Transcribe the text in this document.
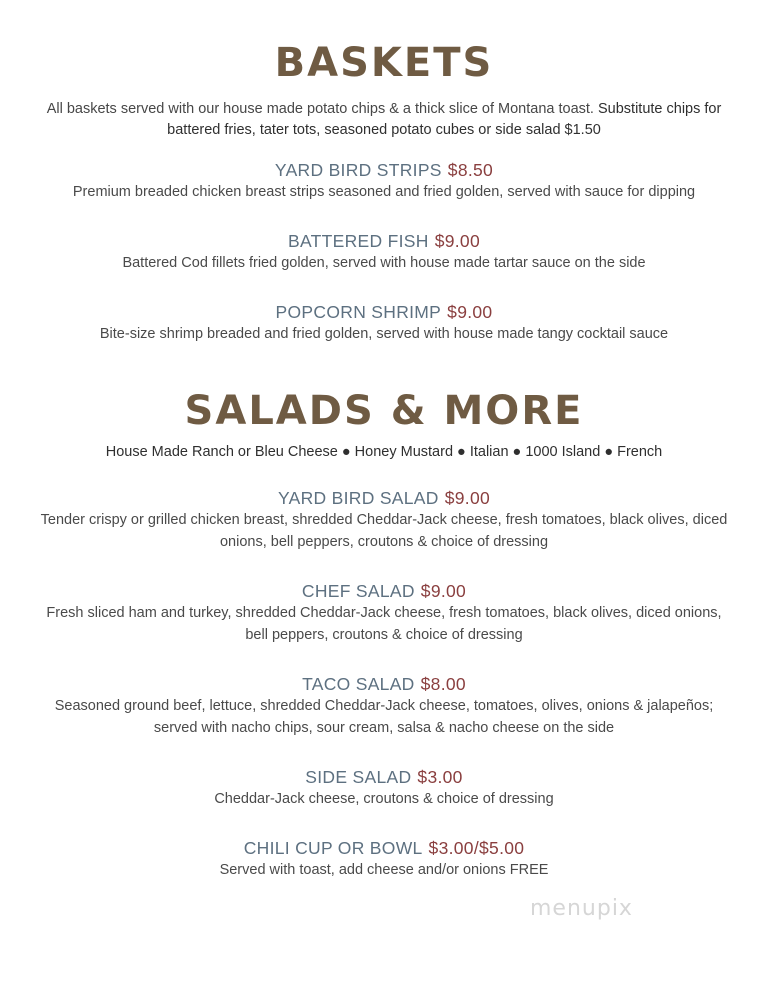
BASKETS
All baskets served with our house made potato chips & a thick slice of Montana toast. Substitute chips for battered fries, tater tots, seasoned potato cubes or side salad $1.50
YARD BIRD STRIPS $8.50
Premium breaded chicken breast strips seasoned and fried golden, served with sauce for dipping
BATTERED FISH $9.00
Battered Cod fillets fried golden, served with house made tartar sauce on the side
POPCORN SHRIMP $9.00
Bite-size shrimp breaded and fried golden, served with house made tangy cocktail sauce
SALADS & MORE
House Made Ranch or Bleu Cheese ● Honey Mustard ● Italian ● 1000 Island ● French
YARD BIRD SALAD $9.00
Tender crispy or grilled chicken breast, shredded Cheddar-Jack cheese, fresh tomatoes, black olives, diced onions, bell peppers, croutons & choice of dressing
CHEF SALAD $9.00
Fresh sliced ham and turkey, shredded Cheddar-Jack cheese, fresh tomatoes, black olives, diced onions, bell peppers, croutons & choice of dressing
TACO SALAD $8.00
Seasoned ground beef, lettuce, shredded Cheddar-Jack cheese, tomatoes, olives, onions & jalapeños; served with nacho chips, sour cream, salsa & nacho cheese on the side
SIDE SALAD $3.00
Cheddar-Jack cheese, croutons & choice of dressing
CHILI CUP OR BOWL $3.00/$5.00
Served with toast, add cheese and/or onions FREE
menupix
